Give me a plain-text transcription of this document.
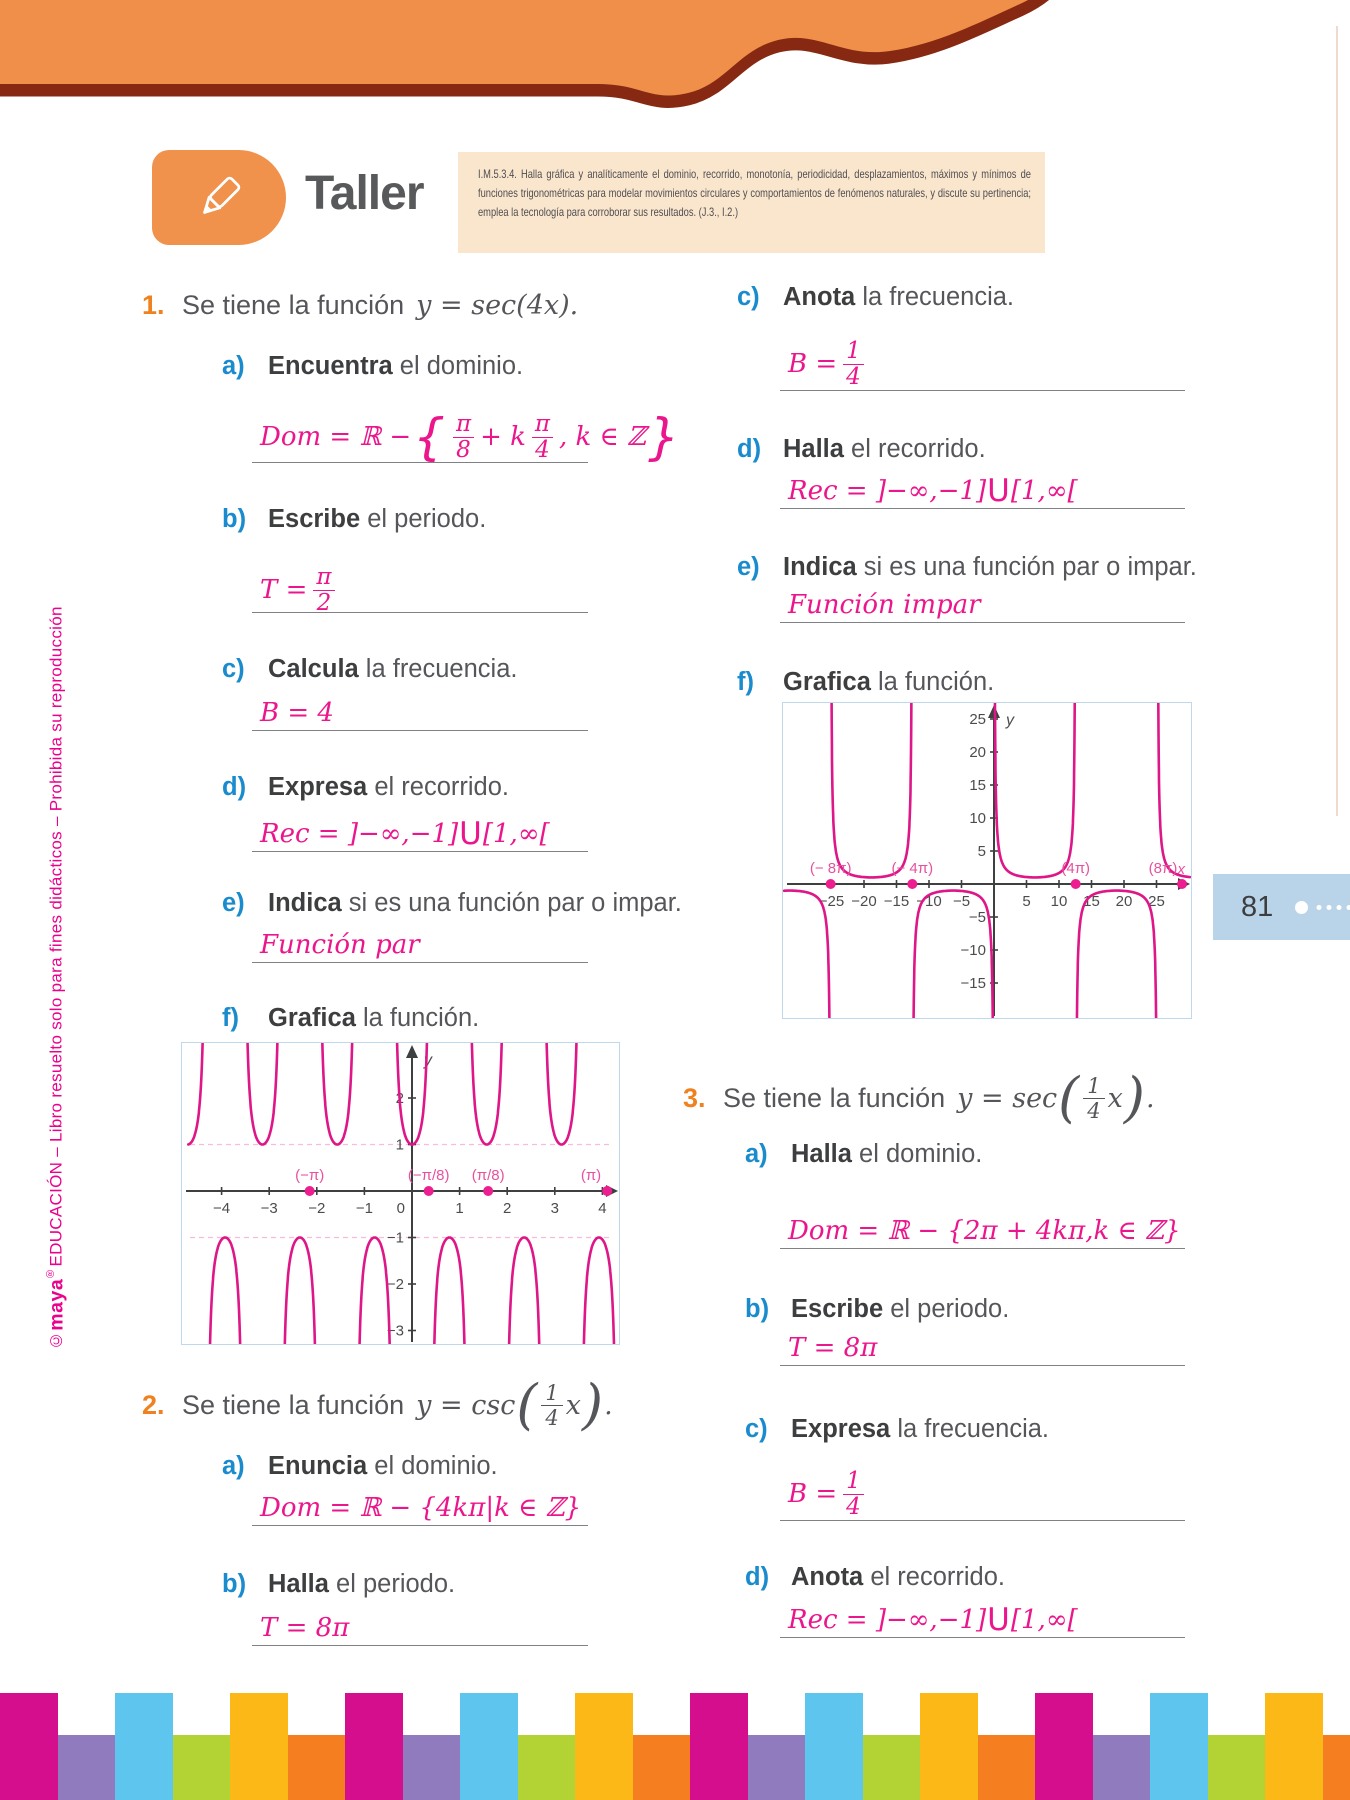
Taller	I.M.5.3.4. Halla gráfica y analíticamente el dominio, recorrido, monotonía, periodicidad, desplazamientos, máximos y mínimos de funciones trigonométricas para modelar movimientos circulares y comportamientos de fenómenos naturales, y discute su pertinencia; emplea la tecnología para corroborar sus resultados. (J.3., I.2.)
©maya®EDUCACIÓN – Libro resuelto solo para fines didácticos – Prohibida su reproducción
1. Se tiene la función y = sec(4x).
a) Encuentra el dominio.
Dom = ℝ − { $\frac{\pi}{8} + k \frac{\pi}{4}$ , k ∈ ℤ }
b) Escribe el periodo.
$T = \frac{\pi}{2}$
c) Calcula la frecuencia.
B = 4
d) Expresa el recorrido.
Rec = ]−∞,−1] U [1,∞[
e) Indica si es una función par o impar.
Función par
f)	Grafica la función.
y
−4 −3 −2 −1 0	1	2	3	4
−3
−2
−1
1
2
(−π)	(−π/8) (π/8)	(π)
2. Se tiene la función y = csc ( 1
4 x ) .
a) Enuncia el dominio.
Dom = ℝ − {4kπ|k ∈ ℤ}
b) Halla el periodo.
T = 8π
c) Anota la frecuencia.
$B = \frac{1}{4}$
d) Halla el recorrido.
Rec = ]−∞,−1] U [1,∞[
e) Indica si es una función par o impar.
Función impar
f)	Grafica la función.
y
x
−25 −20 −15 −10 −5	5 10 15 20 25
−15
−10
−5
5
10
15
20
25
(− 8π)	(− 4π)	(4π)	(8π)
3. Se tiene la función y = sec ( 1
4 x ) .
a) Halla el dominio.
Dom = ℝ − {2π + 4kπ,k ∈ ℤ}
b) Escribe el periodo.
T = 8π
c) Expresa la frecuencia.
$B = \frac{1}{4}$
d) Anota el recorrido.
Rec = ]−∞,−1] U [1,∞[
81
